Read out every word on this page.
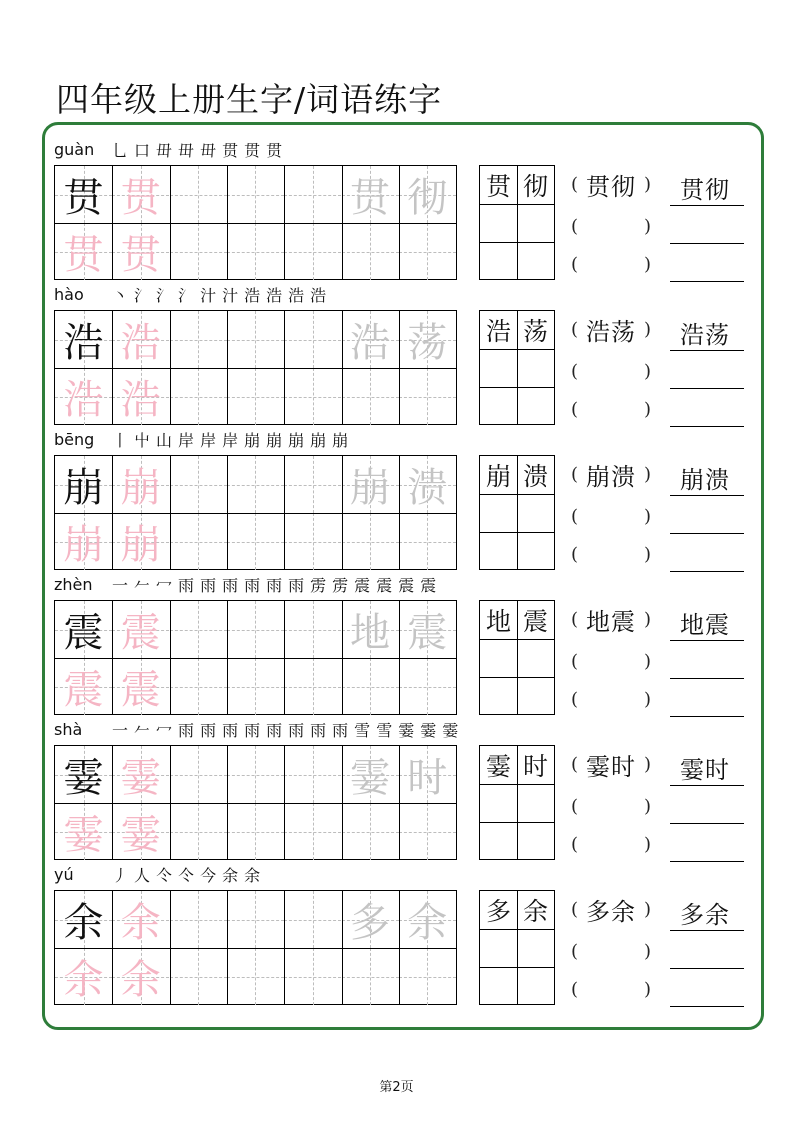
四年级上册生字/词语练字
guàn 乚 口 毌 毌 毌 贯 贯 贯
贯 贯
贯 贯
贯 彻	贯 彻	( 贯彻 )
(	)
(	)
贯彻
hào 丶 氵 氵 氵 汁 汁 浩 浩 浩 浩
浩 浩
浩 浩
浩 荡	浩 荡	( 浩荡 )
(	)
(	)
浩荡
bēng 丨 屮 山 岸 岸 岸 崩 崩 崩 崩 崩
崩 崩
崩 崩
崩 溃	崩 溃	( 崩溃 )
(	)
(	)
崩溃
zhèn 一 𠂉 冖 雨 雨 雨 雨 雨 雨 雳 雳 震 震 震 震
震 震
震 震
地 震	地 震	( 地震 )
(	)
(	)
地震
shà 一 𠂉 冖 雨 雨 雨 雨 雨 雨 雨 雨 雪 雪 霎 霎 霎
霎 霎
霎 霎
霎 时	霎 时	( 霎时 )
(	)
(	)
霎时
yú 丿 人 仒 仒 今 余 余
余 余
余 余
多 余	多 余	( 多余 )
(	)
(	)
多余
第2页
